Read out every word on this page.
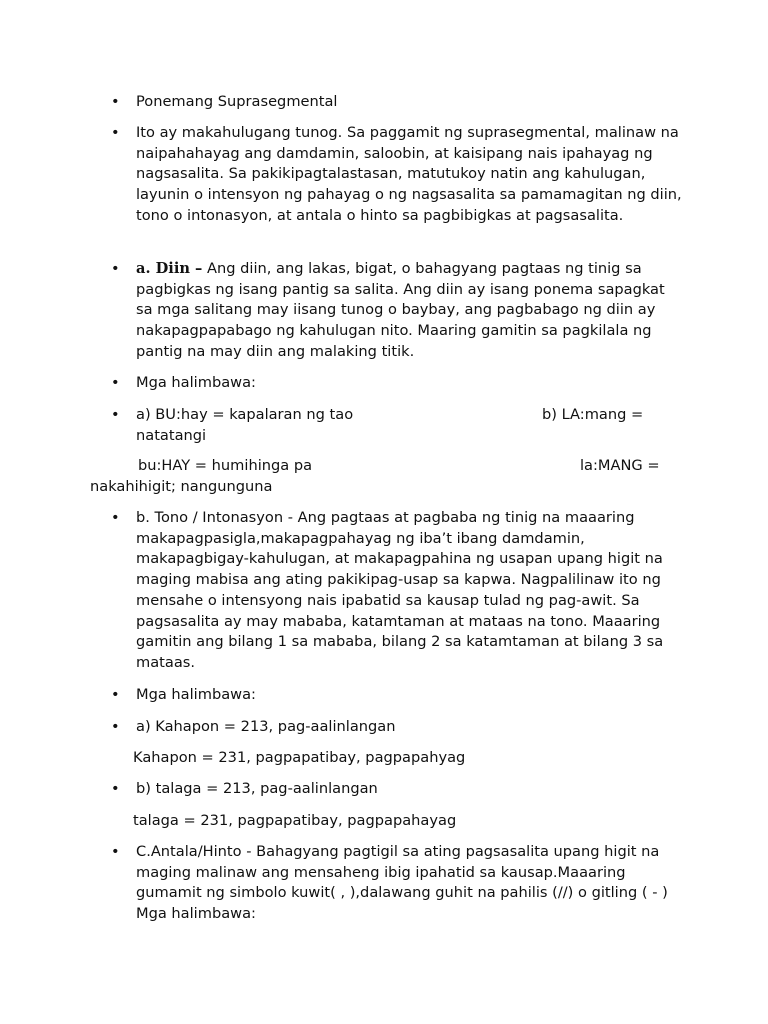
• Ponemang Suprasegmental
• Ito ay makahulugang tunog. Sa paggamit ng suprasegmental, malinaw na naipahahayag ang damdamin, saloobin, at kaisipang nais ipahayag ng nagsasalita. Sa pakikipagtalastasan, matutukoy natin ang kahulugan, layunin o intensyon ng pahayag o ng nagsasalita sa pamamagitan ng diin, tono o intonasyon, at antala o hinto sa pagbibigkas at pagsasalita.
• a. Diin – Ang diin, ang lakas, bigat, o bahagyang pagtaas ng tinig sa pagbigkas ng isang pantig sa salita. Ang diin ay isang ponema sapagkat sa mga salitang may iisang tunog o baybay, ang pagbabago ng diin ay nakapagpapabago ng kahulugan nito. Maaring gamitin sa pagkilala ng pantig na may diin ang malaking titik.
• Mga halimbawa:
• a) BU:hay = kapalaran ng tao	b) LA:mang =
natatangi
bu:HAY = humihinga pa	la:MANG =
nakahihigit; nangunguna
• b. Tono / Intonasyon - Ang pagtaas at pagbaba ng tinig na maaaring makapagpasigla,makapagpahayag ng iba’t ibang damdamin, makapagbigay-kahulugan, at makapagpahina ng usapan upang higit na maging mabisa ang ating pakikipag-usap sa kapwa. Nagpalilinaw ito ng mensahe o intensyong nais ipabatid sa kausap tulad ng pag-awit. Sa pagsasalita ay may mababa, katamtaman at mataas na tono. Maaaring gamitin ang bilang 1 sa mababa, bilang 2 sa katamtaman at bilang 3 sa mataas.
• Mga halimbawa:
• a) Kahapon = 213, pag-aalinlangan
Kahapon = 231, pagpapatibay, pagpapahyag
• b) talaga = 213, pag-aalinlangan
talaga = 231, pagpapatibay, pagpapahayag
• C.Antala/Hinto - Bahagyang pagtigil sa ating pagsasalita upang higit na maging malinaw ang mensaheng ibig ipahatid sa kausap.Maaaring gumamit ng simbolo kuwit( , ),dalawang guhit na pahilis (//) o gitling ( - ) Mga halimbawa:
